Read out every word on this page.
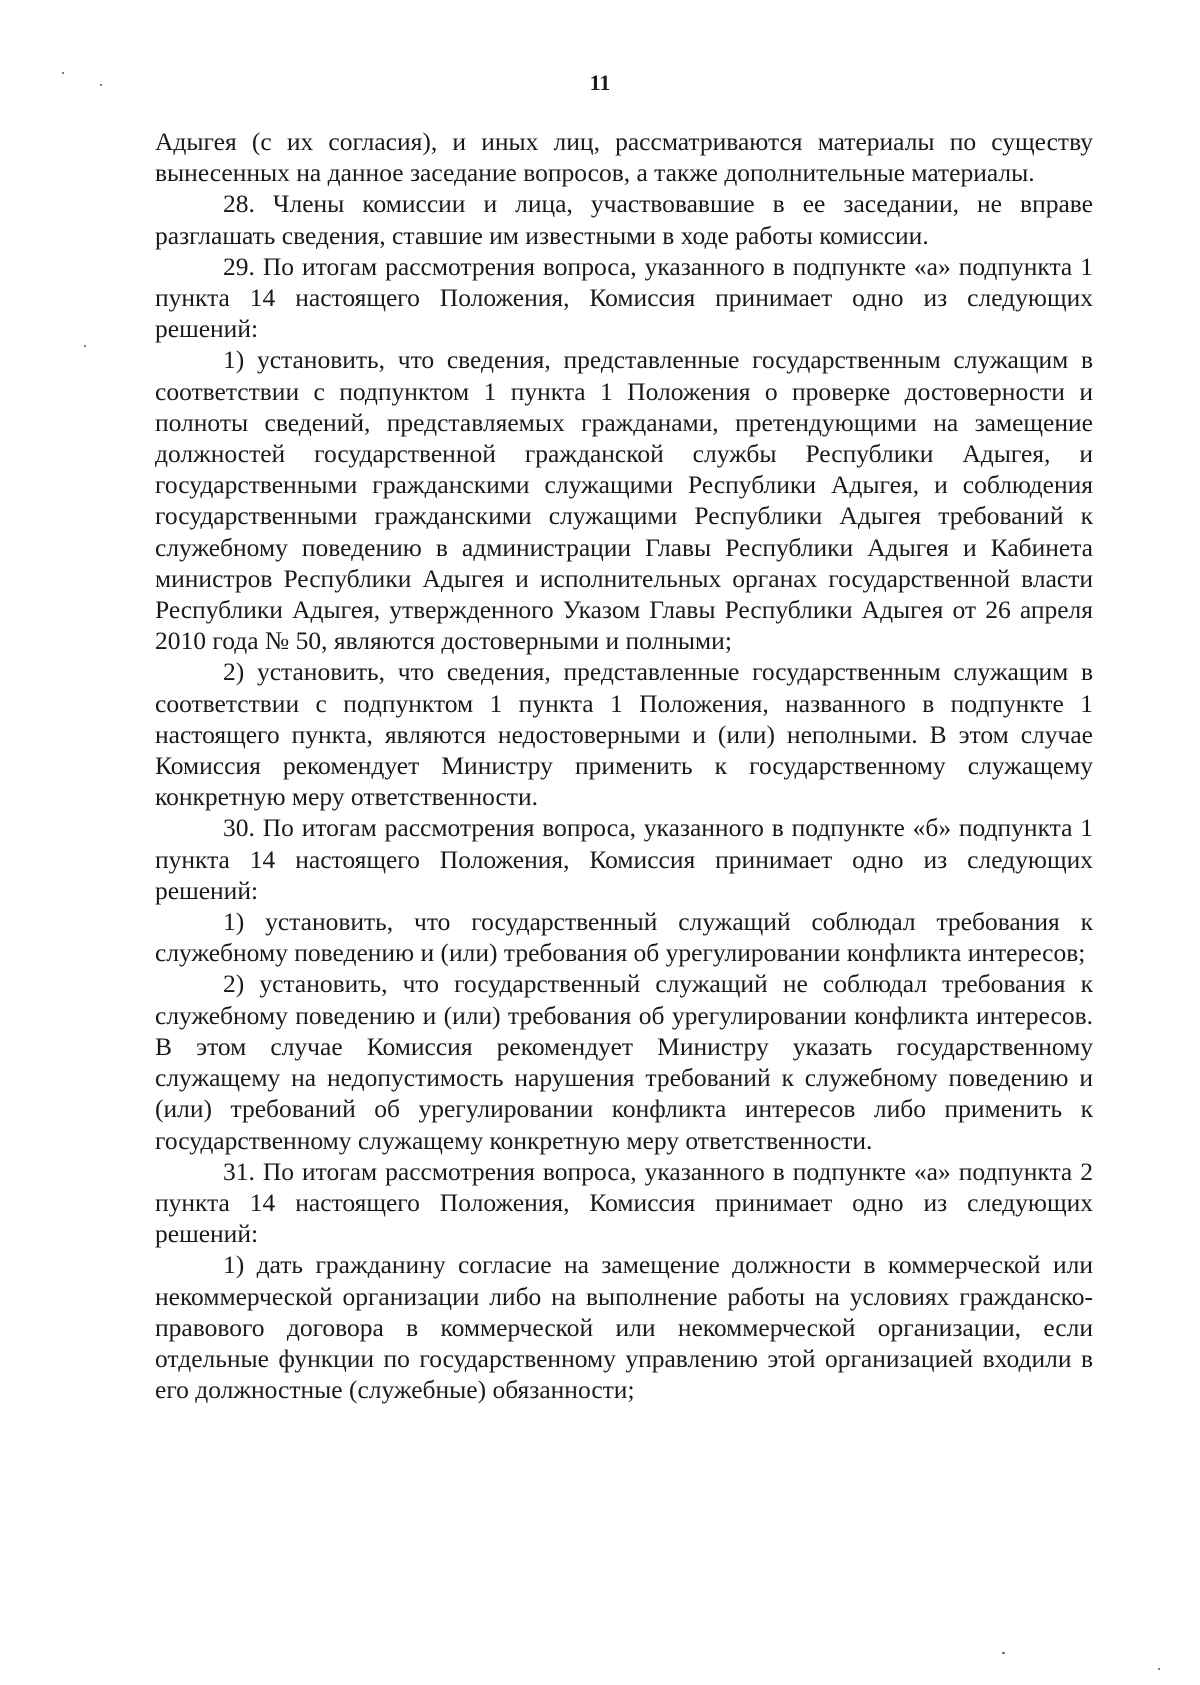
11

Адыгея (с их согласия), и иных лиц, рассматриваются материалы по существу вынесенных на данное заседание вопросов, а также дополнительные материалы.

28. Члены комиссии и лица, участвовавшие в ее заседании, не вправе разглашать сведения, ставшие им известными в ходе работы комиссии.

29. По итогам рассмотрения вопроса, указанного в подпункте «а» подпункта 1 пункта 14 настоящего Положения, Комиссия принимает одно из следующих решений:

1) установить, что сведения, представленные государственным служащим в соответствии с подпунктом 1 пункта 1 Положения о проверке достоверности и полноты сведений, представляемых гражданами, претендующими на замещение должностей государственной гражданской службы Республики Адыгея, и государственными гражданскими служащими Республики Адыгея, и соблюдения государственными гражданскими служащими Республики Адыгея требований к служебному поведению в администрации Главы Республики Адыгея и Кабинета министров Республики Адыгея и исполнительных органах государственной власти Республики Адыгея, утвержденного Указом Главы Республики Адыгея от 26 апреля 2010 года № 50, являются достоверными и полными;

2) установить, что сведения, представленные государственным служащим в соответствии с подпунктом 1 пункта 1 Положения, названного в подпункте 1 настоящего пункта, являются недостоверными и (или) неполными. В этом случае Комиссия рекомендует Министру применить к государственному служащему конкретную меру ответственности.

30. По итогам рассмотрения вопроса, указанного в подпункте «б» подпункта 1 пункта 14 настоящего Положения, Комиссия принимает одно из следующих решений:

1) установить, что государственный служащий соблюдал требования к служебному поведению и (или) требования об урегулировании конфликта интересов;

2) установить, что государственный служащий не соблюдал требования к служебному поведению и (или) требования об урегулировании конфликта интересов. В этом случае Комиссия рекомендует Министру указать государственному служащему на недопустимость нарушения требований к служебному поведению и (или) требований об урегулировании конфликта интересов либо применить к государственному служащему конкретную меру ответственности.

31. По итогам рассмотрения вопроса, указанного в подпункте «а» подпункта 2 пункта 14 настоящего Положения, Комиссия принимает одно из следующих решений:

1) дать гражданину согласие на замещение должности в коммерческой или некоммерческой организации либо на выполнение работы на условиях гражданско-правового договора в коммерческой или некоммерческой организации, если отдельные функции по государственному управлению этой организацией входили в его должностные (служебные) обязанности;
